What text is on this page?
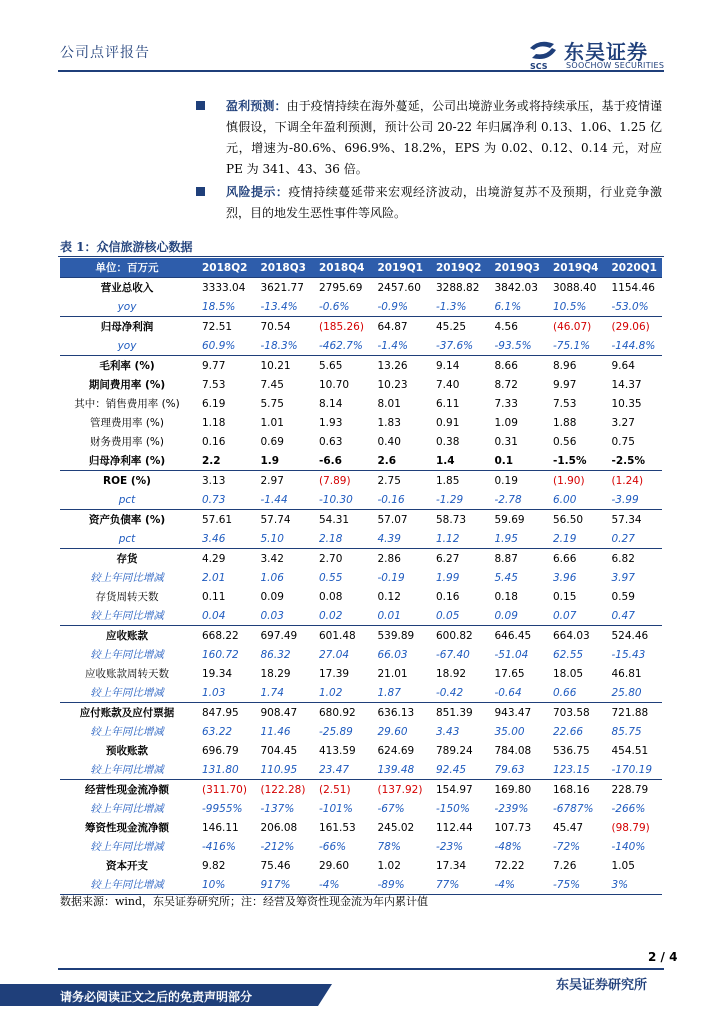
公司点评报告
SCS
东吴证券
SOOCHOW SECURITIES
盈利预测：由于疫情持续在海外蔓延，公司出境游业务或将持续承压，基于疫情谨慎假设，下调全年盈利预测，预计公司 20-22 年归属净利 0.13、1.06、1.25 亿元，增速为-80.6%、696.9%、18.2%，EPS 为 0.02、0.12、0.14 元，对应 PE 为 341、43、36 倍。
风险提示：疫情持续蔓延带来宏观经济波动，出境游复苏不及预期，行业竞争激烈，目的地发生恶性事件等风险。
表 1：众信旅游核心数据
单位：百万元	2018Q2	2018Q3	2018Q4	2019Q1	2019Q2	2019Q3	2019Q4	2020Q1
营业总收入	3333.04	3621.77	2795.69	2457.60	3288.82	3842.03	3088.40	1154.46
yoy	18.5%	-13.4%	-0.6%	-0.9%	-1.3%	6.1%	10.5%	-53.0%
归母净利润	72.51	70.54	(185.26)	64.87	45.25	4.56	(46.07)	(29.06)
yoy	60.9%	-18.3%	-462.7%	-1.4%	-37.6%	-93.5%	-75.1%	-144.8%
毛利率 (%)	9.77	10.21	5.65	13.26	9.14	8.66	8.96	9.64
期间费用率 (%)	7.53	7.45	10.70	10.23	7.40	8.72	9.97	14.37
其中：销售费用率 (%)	6.19	5.75	8.14	8.01	6.11	7.33	7.53	10.35
管理费用率 (%)	1.18	1.01	1.93	1.83	0.91	1.09	1.88	3.27
财务费用率 (%)	0.16	0.69	0.63	0.40	0.38	0.31	0.56	0.75
归母净利率 (%)	2.2	1.9	-6.6	2.6	1.4	0.1	-1.5%	-2.5%
ROE (%)	3.13	2.97	(7.89)	2.75	1.85	0.19	(1.90)	(1.24)
pct	0.73	-1.44	-10.30	-0.16	-1.29	-2.78	6.00	-3.99
资产负债率 (%)	57.61	57.74	54.31	57.07	58.73	59.69	56.50	57.34
pct	3.46	5.10	2.18	4.39	1.12	1.95	2.19	0.27
存货	4.29	3.42	2.70	2.86	6.27	8.87	6.66	6.82
较上年同比增减	2.01	1.06	0.55	-0.19	1.99	5.45	3.96	3.97
存货周转天数	0.11	0.09	0.08	0.12	0.16	0.18	0.15	0.59
较上年同比增减	0.04	0.03	0.02	0.01	0.05	0.09	0.07	0.47
应收账款	668.22	697.49	601.48	539.89	600.82	646.45	664.03	524.46
较上年同比增减	160.72	86.32	27.04	66.03	-67.40	-51.04	62.55	-15.43
应收账款周转天数	19.34	18.29	17.39	21.01	18.92	17.65	18.05	46.81
较上年同比增减	1.03	1.74	1.02	1.87	-0.42	-0.64	0.66	25.80
应付账款及应付票据	847.95	908.47	680.92	636.13	851.39	943.47	703.58	721.88
较上年同比增减	63.22	11.46	-25.89	29.60	3.43	35.00	22.66	85.75
预收账款	696.79	704.45	413.59	624.69	789.24	784.08	536.75	454.51
较上年同比增减	131.80	110.95	23.47	139.48	92.45	79.63	123.15	-170.19
经营性现金流净额	(311.70)	(122.28)	(2.51)	(137.92)	154.97	169.80	168.16	228.79
较上年同比增减	-9955%	-137%	-101%	-67%	-150%	-239%	-6787%	-266%
筹资性现金流净额	146.11	206.08	161.53	245.02	112.44	107.73	45.47	(98.79)
较上年同比增减	-416%	-212%	-66%	78%	-23%	-48%	-72%	-140%
资本开支	9.82	75.46	29.60	1.02	17.34	72.22	7.26	1.05
较上年同比增减	10%	917%	-4%	-89%	77%	-4%	-75%	3%
数据来源：wind，东吴证券研究所；注：经营及筹资性现金流为年内累计值
2 / 4
请务必阅读正文之后的免责声明部分
东吴证券研究所
